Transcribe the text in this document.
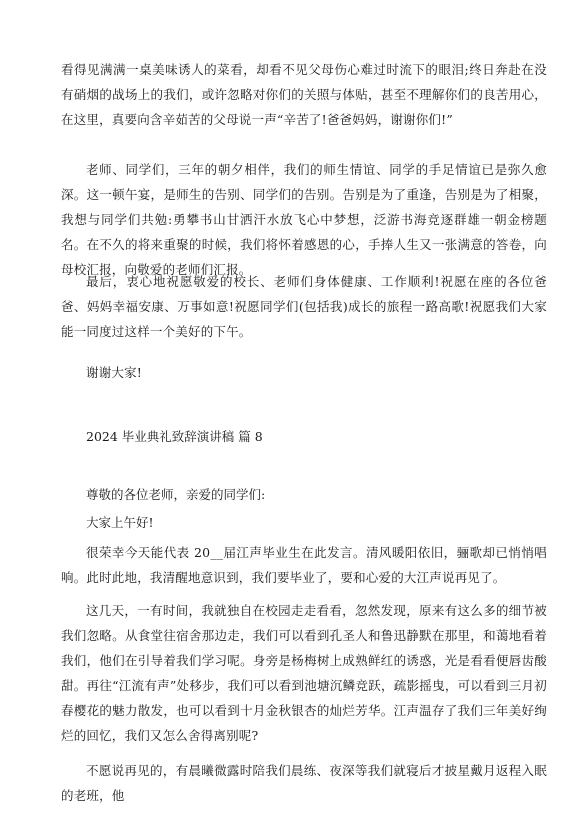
看得见满满一桌美味诱人的菜看，却看不见父母伤心难过时流下的眼泪;终日奔赴在没有硝烟的战场上的我们，或许忽略对你们的关照与体贴，甚至不理解你们的良苦用心，在这里，真要向含辛茹苦的父母说一声“辛苦了!爸爸妈妈，谢谢你们!”

老师、同学们，三年的朝夕相伴，我们的师生情谊、同学的手足情谊已是弥久愈深。这一顿午宴，是师生的告别、同学们的告别。告别是为了重逢，告别是为了相聚，我想与同学们共勉:勇攀书山甘洒汗水放飞心中梦想，泛游书海竞逐群雄一朝金榜题名。在不久的将来重聚的时候，我们将怀着感恩的心，手捧人生又一张满意的答卷，向母校汇报，向敬爱的老师们汇报。

最后，衷心地祝愿敬爱的校长、老师们身体健康、工作顺利!祝愿在座的各位爸爸、妈妈幸福安康、万事如意!祝愿同学们(包括我)成长的旅程一路高歌!祝愿我们大家能一同度过这样一个美好的下午。

谢谢大家!

2024 毕业典礼致辞演讲稿 篇 8

尊敬的各位老师，亲爱的同学们:

大家上午好!

很荣幸今天能代表 20__届江声毕业生在此发言。清风暖阳依旧，骊歌却已悄悄唱响。此时此地，我清醒地意识到，我们要毕业了，要和心爱的大江声说再见了。

这几天，一有时间，我就独自在校园走走看看，忽然发现，原来有这么多的细节被我们忽略。从食堂往宿舍那边走，我们可以看到孔圣人和鲁迅静默在那里，和蔼地看着我们，他们在引导着我们学习呢。身旁是杨梅树上成熟鲜红的诱惑，光是看看便唇齿酸甜。再往“江流有声”处移步，我们可以看到池塘沉鳞竞跃，疏影摇曳，可以看到三月初春樱花的魅力散发，也可以看到十月金秋银杏的灿烂芳华。江声温存了我们三年美好绚烂的回忆，我们又怎么舍得离别呢?

不愿说再见的，有晨曦微露时陪我们晨练、夜深等我们就寝后才披星戴月返程入眠的老班，他
